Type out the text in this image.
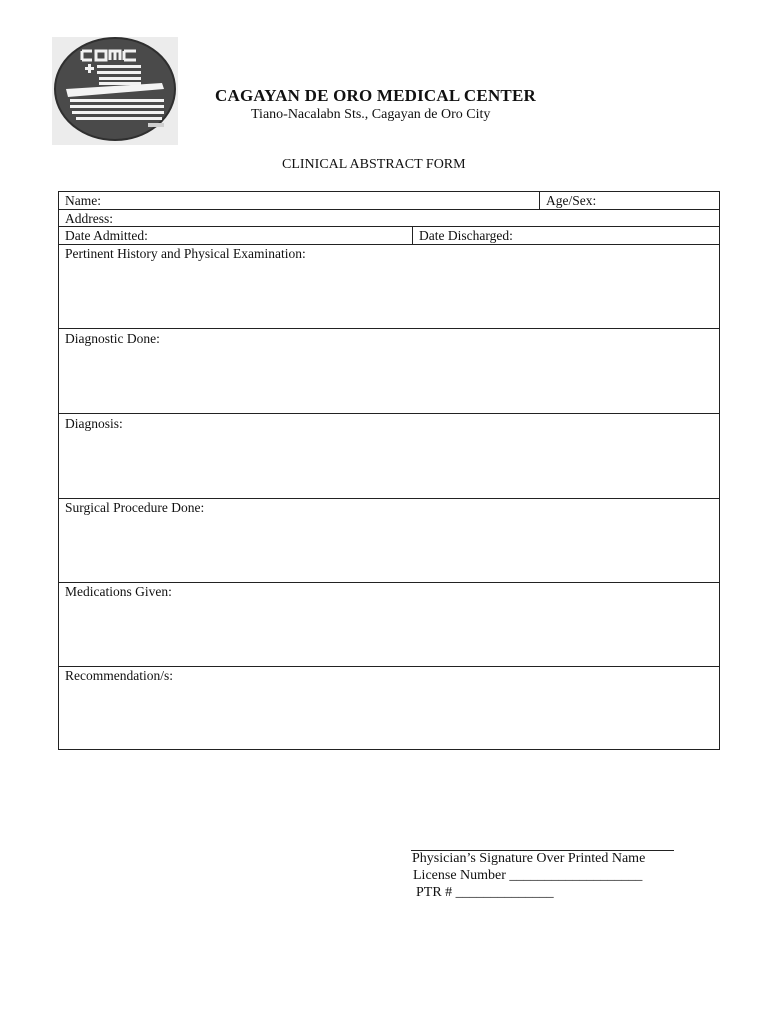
CAGAYAN DE ORO MEDICAL CENTER
Tiano-Nacalabn Sts., Cagayan de Oro City
CLINICAL ABSTRACT FORM
Name:	Age/Sex:
Address:
Date Admitted:	Date Discharged:
Pertinent History and Physical Examination:
Diagnostic Done:
Diagnosis:
Surgical Procedure Done:
Medications Given:
Recommendation/s:
Physician’s Signature Over Printed Name
License Number ___________________
PTR # ______________
